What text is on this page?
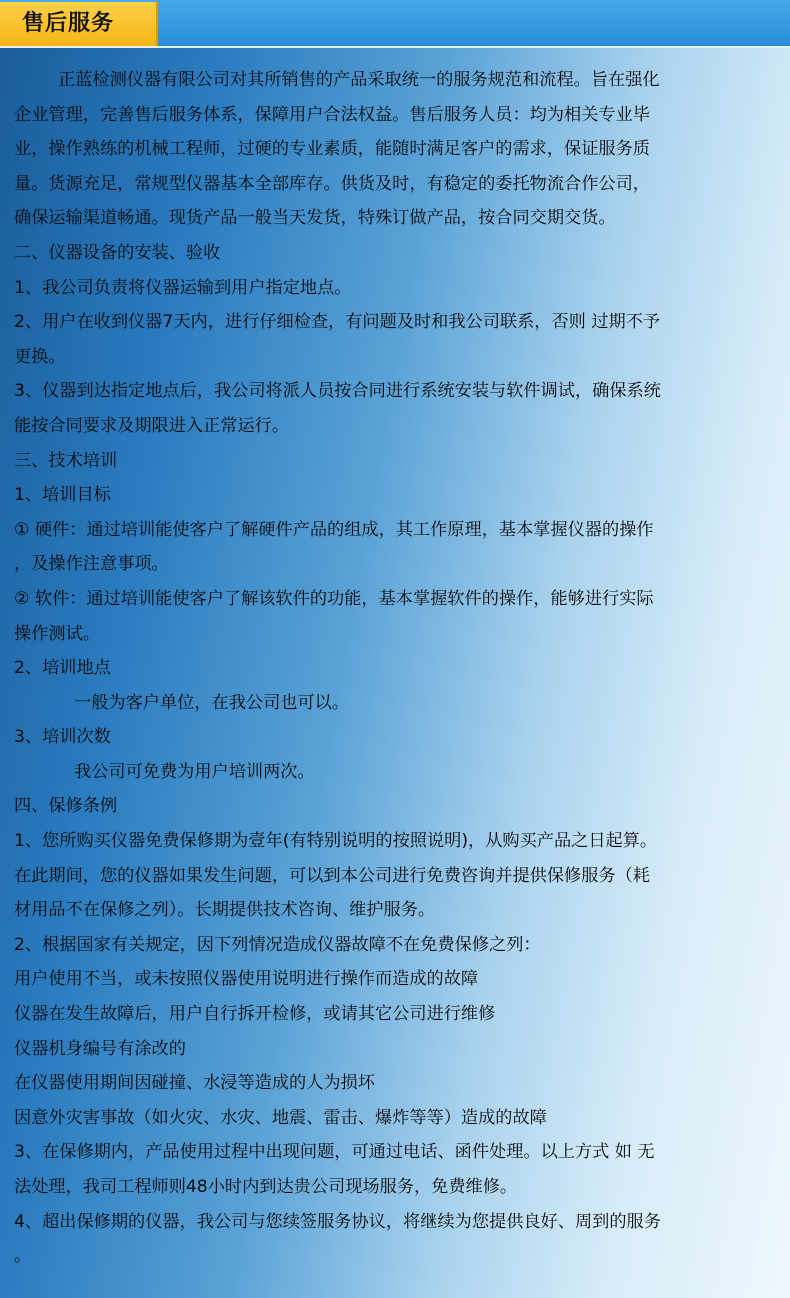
售后服务
正蓝检测仪器有限公司对其所销售的产品采取统一的服务规范和流程。旨在强化
企业管理，完善售后服务体系，保障用户合法权益。售后服务人员：均为相关专业毕
业，操作熟练的机械工程师，过硬的专业素质，能随时满足客户的需求，保证服务质
量。货源充足，常规型仪器基本全部库存。供货及时，有稳定的委托物流合作公司，
确保运输渠道畅通。现货产品一般当天发货，特殊订做产品，按合同交期交货。
二、仪器设备的安装、验收
1、我公司负责将仪器运输到用户指定地点。
2、用户在收到仪器7天内，进行仔细检查，有问题及时和我公司联系，否则 过期不予
更换。
3、仪器到达指定地点后，我公司将派人员按合同进行系统安装与软件调试，确保系统
能按合同要求及期限进入正常运行。
三、技术培训
1、培训目标
① 硬件：通过培训能使客户了解硬件产品的组成，其工作原理，基本掌握仪器的操作
，及操作注意事项。
② 软件：通过培训能使客户了解该软件的功能，基本掌握软件的操作，能够进行实际
操作测试。
2、培训地点
一般为客户单位，在我公司也可以。
3、培训次数
我公司可免费为用户培训两次。
四、保修条例
1、您所购买仪器免费保修期为壹年(有特别说明的按照说明)，从购买产品之日起算。
在此期间，您的仪器如果发生问题，可以到本公司进行免费咨询并提供保修服务（耗
材用品不在保修之列）。长期提供技术咨询、维护服务。
2、根据国家有关规定，因下列情况造成仪器故障不在免费保修之列：
用户使用不当，或未按照仪器使用说明进行操作而造成的故障
仪器在发生故障后，用户自行拆开检修，或请其它公司进行维修
仪器机身编号有涂改的
在仪器使用期间因碰撞、水浸等造成的人为损坏
因意外灾害事故（如火灾、水灾、地震、雷击、爆炸等等）造成的故障
3、在保修期内，产品使用过程中出现问题，可通过电话、函件处理。以上方式 如 无
法处理，我司工程师则48小时内到达贵公司现场服务，免费维修。
4、超出保修期的仪器，我公司与您续签服务协议，将继续为您提供良好、周到的服务
。
